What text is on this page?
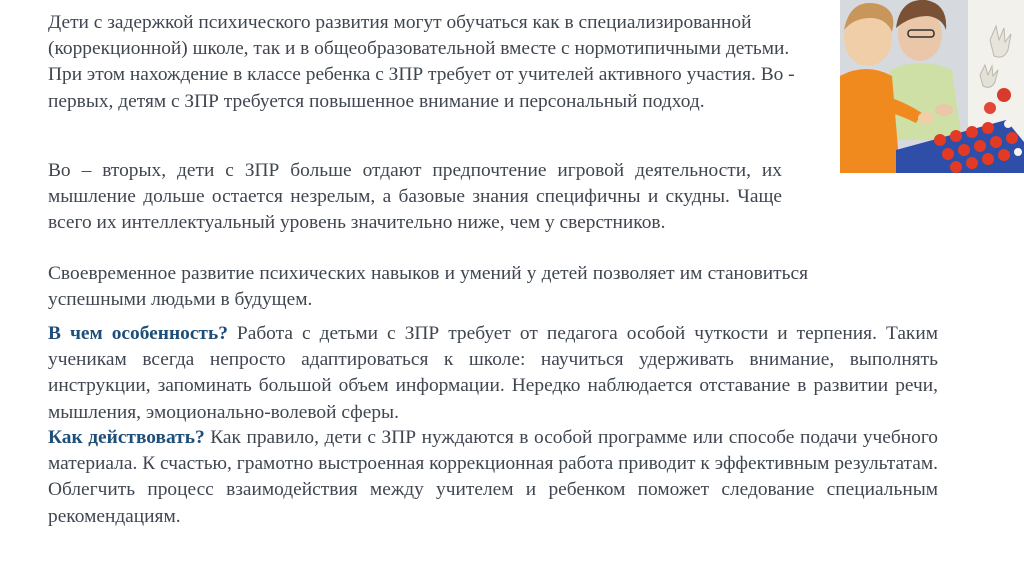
Дети с задержкой психического развития могут обучаться как в специализированной (коррекционной) школе, так и в общеобразовательной вместе с нормотипичными детьми. При этом нахождение в классе ребенка с ЗПР требует от учителей активного участия. Во - первых, детям с ЗПР требуется повышенное внимание и персональный подход.

Во – вторых, дети с ЗПР больше отдают предпочтение игровой деятельности, их мышление дольше остается незрелым, а базовые знания специфичны и скудны. Чаще всего их интеллектуальный уровень значительно ниже, чем у сверстников.

Своевременное развитие психических навыков и умений у детей позволяет им становиться успешными людьми в будущем.

В чем особенность? Работа с детьми с ЗПР требует от педагога особой чуткости и терпения. Таким ученикам всегда непросто адаптироваться к школе: научиться удерживать внимание, выполнять инструкции, запоминать большой объем информации. Нередко наблюдается отставание в развитии речи, мышления, эмоционально-волевой сферы.

Как действовать? Как правило, дети с ЗПР нуждаются в особой программе или способе подачи учебного материала. К счастью, грамотно выстроенная коррекционная работа приводит к эффективным результатам. Облегчить процесс взаимодействия между учителем и ребенком поможет следование специальным рекомендациям.
